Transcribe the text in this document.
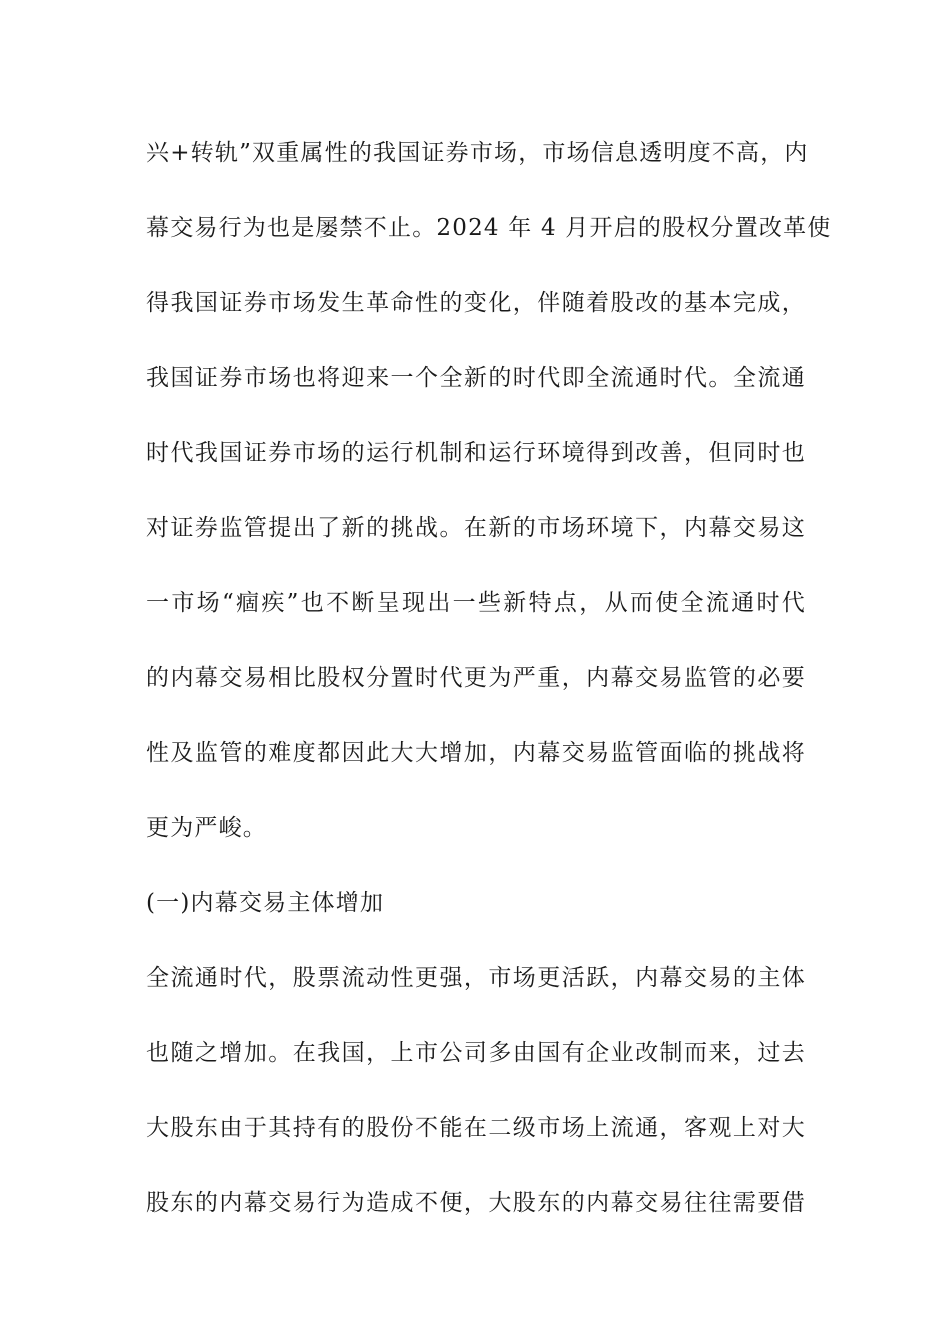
兴+转轨”双重属性的我国证券市场，市场信息透明度不高，内
幕交易行为也是屡禁不止。2024 年 4 月开启的股权分置改革使
得我国证券市场发生革命性的变化，伴随着股改的基本完成，
我国证券市场也将迎来一个全新的时代即全流通时代。全流通
时代我国证券市场的运行机制和运行环境得到改善，但同时也
对证券监管提出了新的挑战。在新的市场环境下，内幕交易这
一市场“痼疾”也不断呈现出一些新特点，从而使全流通时代
的内幕交易相比股权分置时代更为严重，内幕交易监管的必要
性及监管的难度都因此大大增加，内幕交易监管面临的挑战将
更为严峻。
(一)内幕交易主体增加
全流通时代，股票流动性更强，市场更活跃，内幕交易的主体
也随之增加。在我国，上市公司多由国有企业改制而来，过去
大股东由于其持有的股份不能在二级市场上流通，客观上对大
股东的内幕交易行为造成不便，大股东的内幕交易往往需要借
